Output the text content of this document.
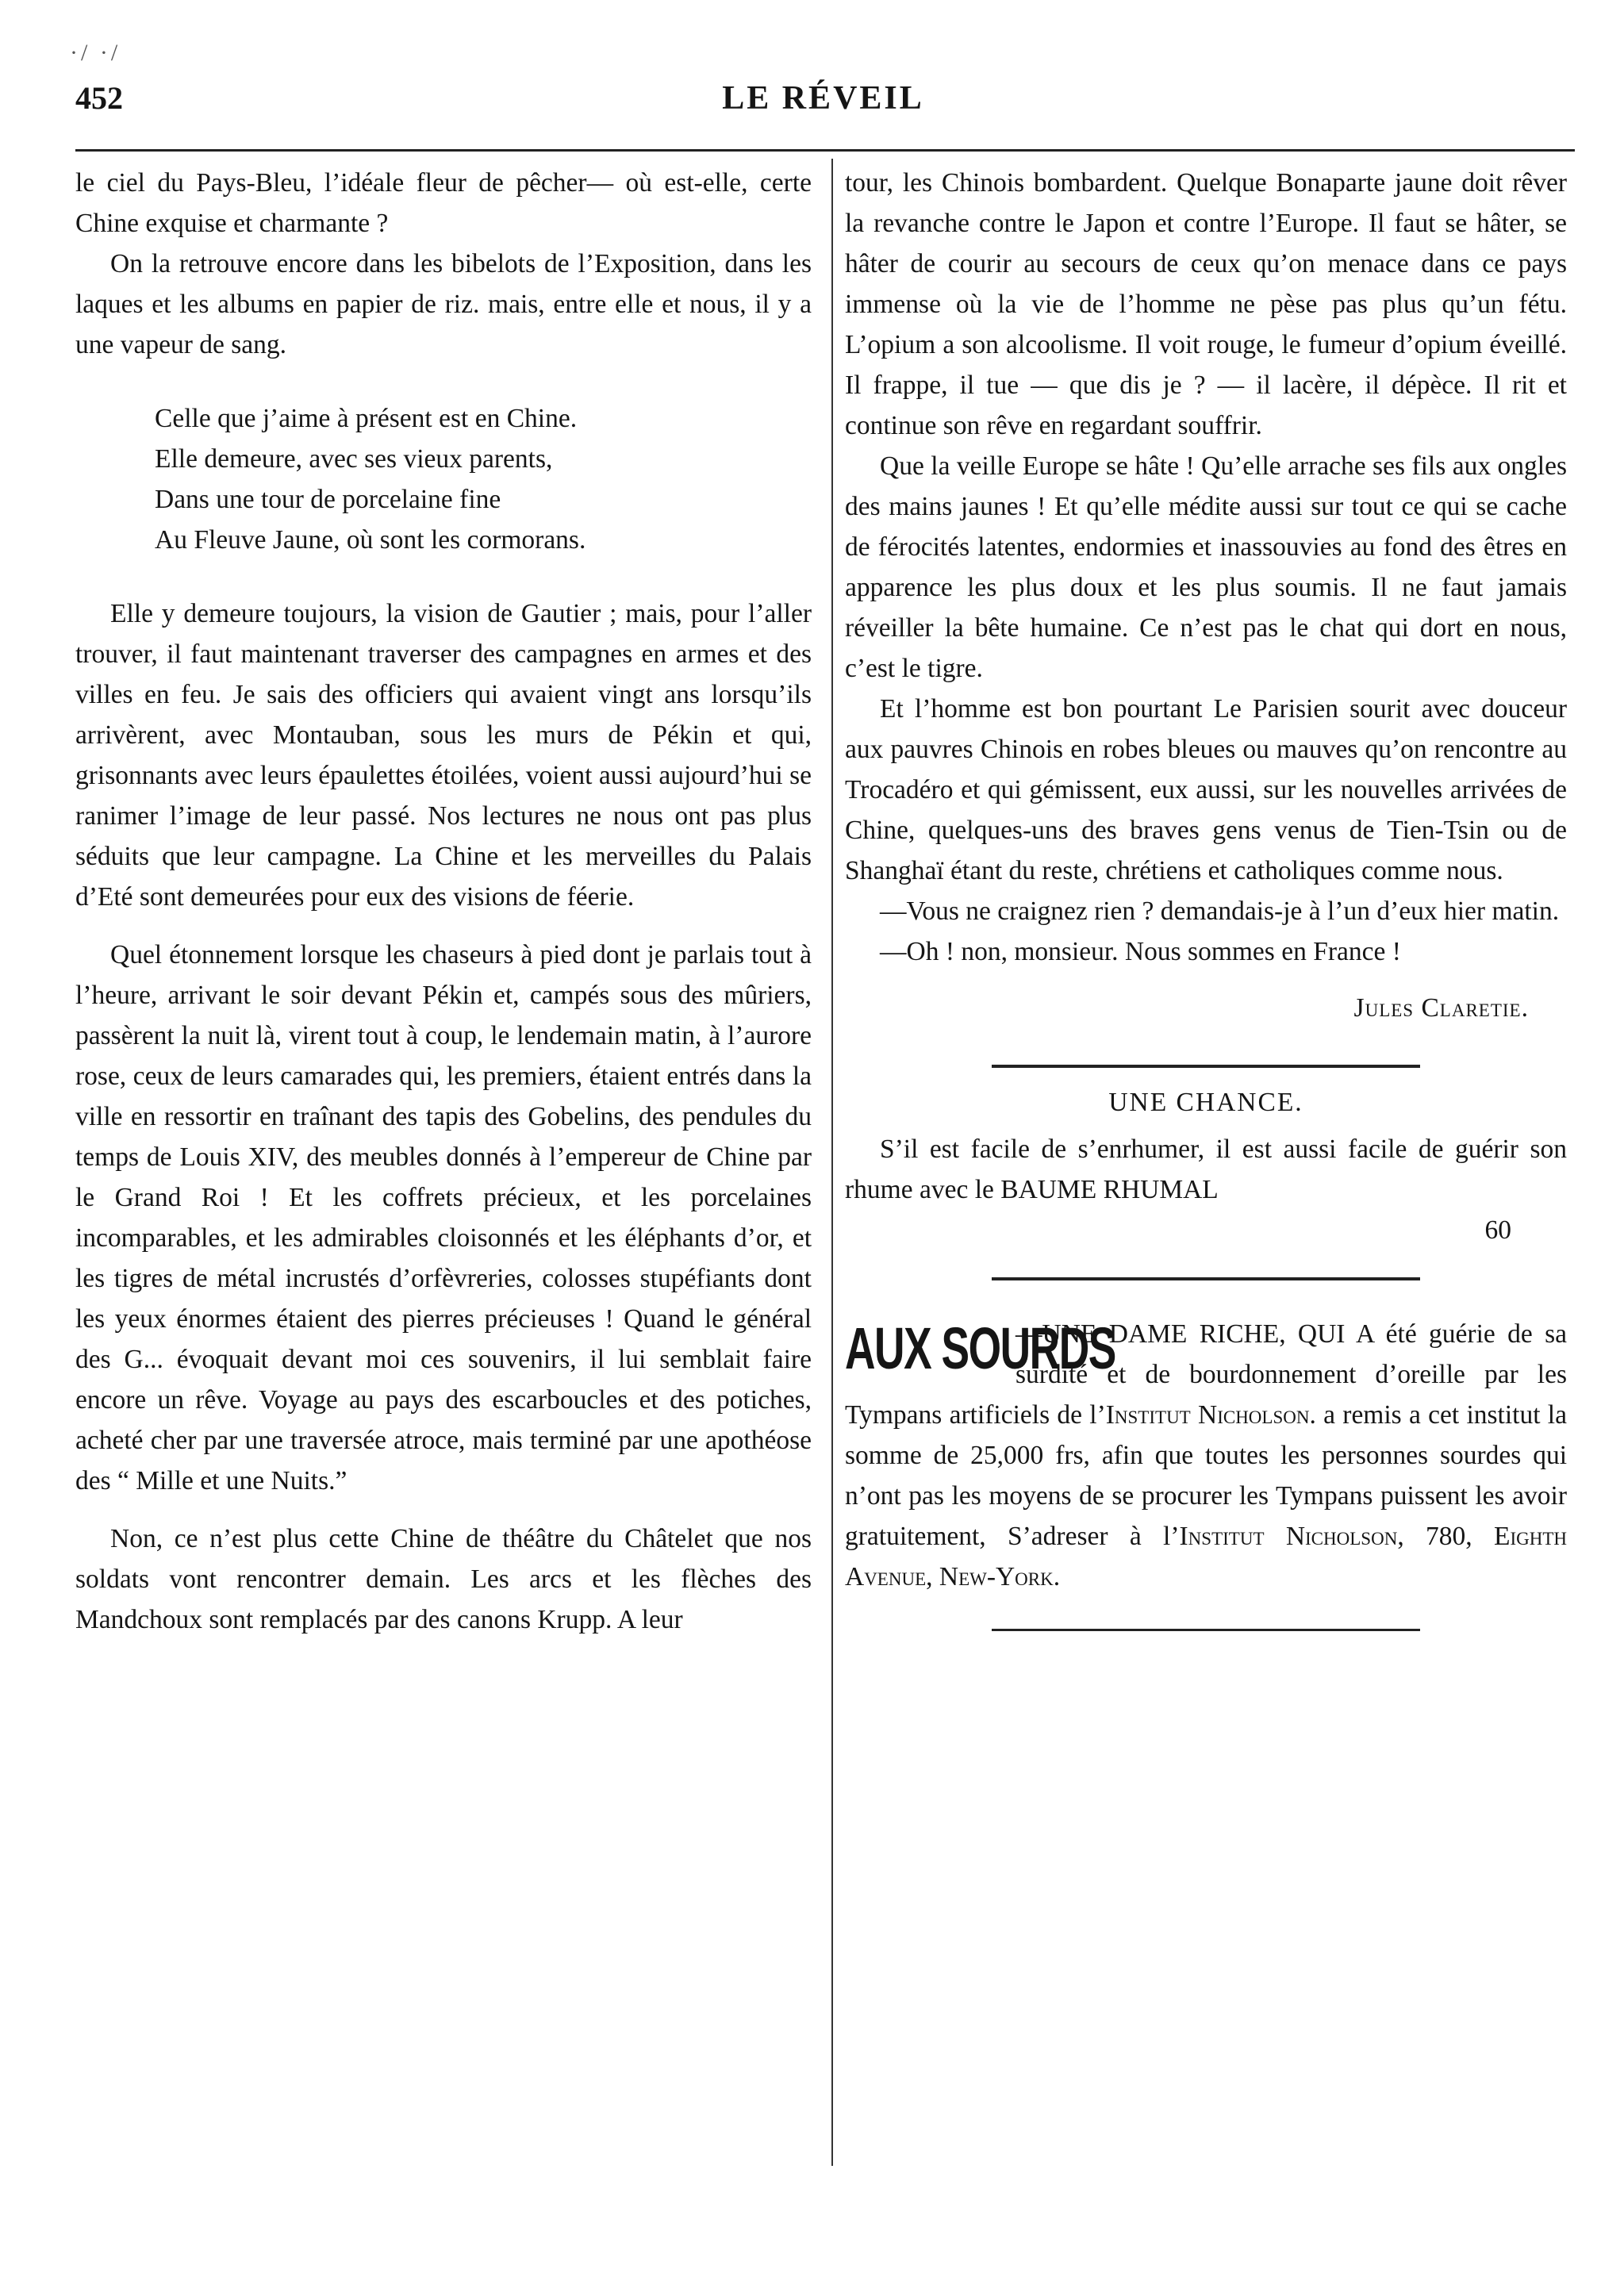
·/ ·/
LE RÉVEIL
452

le ciel du Pays-Bleu, l’idéale fleur de pêcher— où est-elle, certe Chine exquise et charmante ?

On la retrouve encore dans les bibelots de l’Exposition, dans les laques et les albums en papier de riz. mais, entre elle et nous, il y a une vapeur de sang.

Celle que j’aime à présent est en Chine.
Elle demeure, avec ses vieux parents,
Dans une tour de porcelaine fine
Au Fleuve Jaune, où sont les cormorans.

Elle y demeure toujours, la vision de Gautier ; mais, pour l’aller trouver, il faut maintenant traverser des campagnes en armes et des villes en feu. Je sais des officiers qui avaient vingt ans lorsqu’ils arrivèrent, avec Montauban, sous les murs de Pékin et qui, grisonnants avec leurs épaulettes étoilées, voient aussi aujourd’hui se ranimer l’image de leur passé. Nos lectures ne nous ont pas plus séduits que leur campagne. La Chine et les merveilles du Palais d’Eté sont demeurées pour eux des visions de féerie.

Quel étonnement lorsque les chaseurs à pied dont je parlais tout à l’heure, arrivant le soir devant Pékin et, campés sous des mûriers, passèrent la nuit là, virent tout à coup, le lendemain matin, à l’aurore rose, ceux de leurs camarades qui, les premiers, étaient entrés dans la ville en ressortir en traînant des tapis des Gobelins, des pendules du temps de Louis XIV, des meubles donnés à l’empereur de Chine par le Grand Roi ! Et les coffrets précieux, et les porcelaines incomparables, et les admirables cloisonnés et les éléphants d’or, et les tigres de métal incrustés d’orfèvreries, colosses stupéfiants dont les yeux énormes étaient des pierres précieuses ! Quand le général des G... évoquait devant moi ces souvenirs, il lui semblait faire encore un rêve. Voyage au pays des escarboucles et des potiches, acheté cher par une traversée atroce, mais terminé par une apothéose des “ Mille et une Nuits.”

Non, ce n’est plus cette Chine de théâtre du Châtelet que nos soldats vont rencontrer demain. Les arcs et les flèches des Mandchoux sont remplacés par des canons Krupp. A leur

tour, les Chinois bombardent. Quelque Bonaparte jaune doit rêver la revanche contre le Japon et contre l’Europe. Il faut se hâter, se hâter de courir au secours de ceux qu’on menace dans ce pays immense où la vie de l’homme ne pèse pas plus qu’un fétu. L’opium a son alcoolisme. Il voit rouge, le fumeur d’opium éveillé. Il frappe, il tue — que dis je ? — il lacère, il dépèce. Il rit et continue son rêve en regardant souffrir.

Que la veille Europe se hâte ! Qu’elle arrache ses fils aux ongles des mains jaunes ! Et qu’elle médite aussi sur tout ce qui se cache de férocités latentes, endormies et inassouvies au fond des êtres en apparence les plus doux et les plus soumis. Il ne faut jamais réveiller la bête humaine. Ce n’est pas le chat qui dort en nous, c’est le tigre.

Et l’homme est bon pourtant Le Parisien sourit avec douceur aux pauvres Chinois en robes bleues ou mauves qu’on rencontre au Trocadéro et qui gémissent, eux aussi, sur les nouvelles arrivées de Chine, quelques-uns des braves gens venus de Tien-Tsin ou de Shanghaï étant du reste, chrétiens et catholiques comme nous.

—Vous ne craignez rien ? demandais-je à l’un d’eux hier matin.

—Oh ! non, monsieur. Nous sommes en France !

Jules Claretie.
UNE CHANCE.

S’il est facile de s’enrhumer, il est aussi facile de guérir son rhume avec le BAUME RHUMAL

60
AUX SOURDS
—UNE DAME RICHE, QUI A été guérie de sa surdité et de bourdonnement d’oreille par les Tympans artificiels de l’Institut Nicholson. a remis a cet institut la somme de 25,000 frs, afin que toutes les personnes sourdes qui n’ont pas les moyens de se procurer les Tympans puissent les avoir gratuitement, S’adreser à l’Institut Nicholson, 780, Eighth Avenue, New-York.
